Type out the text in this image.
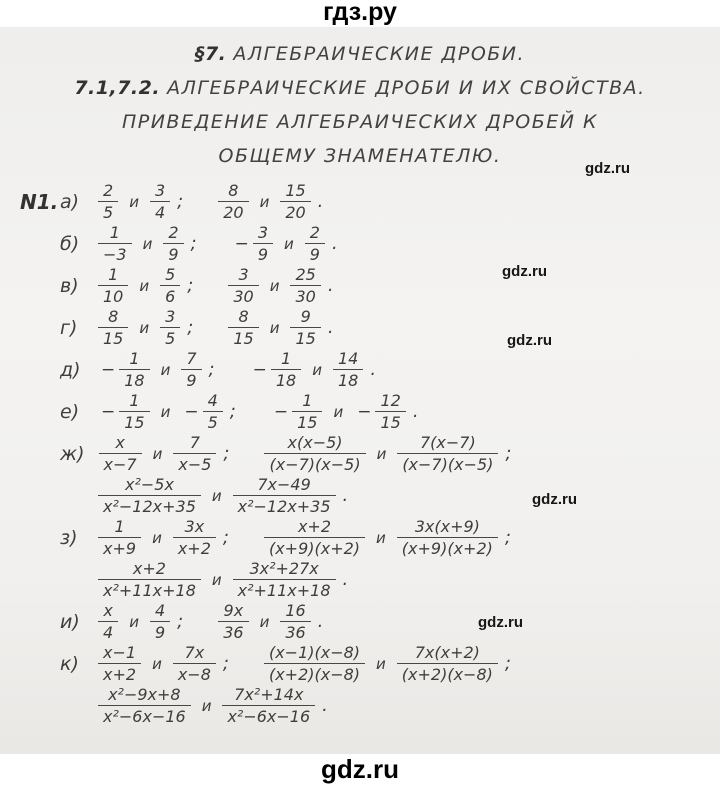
гдз.ру
§7. АЛГЕБРАИЧЕСКИЕ ДРОБИ.
7.1,7.2. АЛГЕБРАИЧЕСКИЕ ДРОБИ И ИХ СВОЙСТВА.
ПРИВЕДЕНИЕ АЛГЕБРАИЧЕСКИХ ДРОБЕЙ К
ОБЩЕМУ ЗНАМЕНАТЕЛЮ.
N1. а)	$\frac{2}{5}$ и $\frac{3}{4}$ ; $\frac{8}{20}$ и $\frac{15}{20}$ .
б)	$\frac{1}{-3}$ и $\frac{2}{9}$ ; − $\frac{3}{9}$ и $\frac{2}{9}$ .
в)	$\frac{1}{10}$ и $\frac{5}{6}$ ; $\frac{3}{30}$ и $\frac{25}{30}$ .
г)	$\frac{8}{15}$ и $\frac{3}{5}$ ; $\frac{8}{15}$ и $\frac{9}{15}$ .
$д) - \frac{1}{18}$ и $\frac{7}{9}$ ; − $\frac{1}{18}$ и $\frac{14}{18}$ .
$е) - \frac{1}{15}$ $и - \frac{4}{5}$ ; − $\frac{1}{15}$ $и - \frac{12}{15}$ .
$ж) \frac{x}{x-7}$ и $\frac{7}{x-5}$ ; $\frac{x(x-5)}{(x-7)(x-5)}$ и $\frac{7(x-7)}{(x-7)(x-5)}$ ;
$\frac{\text{x²−5x}}{\text{x²−12x+35}}$ и $\frac{7x-49}{\text{x²−12x+35}}$ .
з)	$\frac{1}{x+9}$ и $\frac{3x}{x+2}$ ; $\frac{x+2}{(x+9)(x+2)}$ и $\frac{3x(x+9)}{(x+9)(x+2)}$ ;
$\frac{x+2}{\text{x²+11x+18}}$ и $\frac{\text{3x²+27x}}{\text{x²+11x+18}}$ .
$и) \frac{x}{4}$ и $\frac{4}{9}$ ; $\frac{9x}{36}$ и $\frac{16}{36}$ .
к)	$\frac{x-1}{x+2}$ и $\frac{7x}{x-8}$ ; $\frac{(x-1)(x-8)}{(x+2)(x-8)}$ и $\frac{7x(x+2)}{(x+2)(x-8)}$ ;
$\frac{\text{x²−9x+8}}{\text{x²−6x−16}}$ и $\frac{\text{7x²+14x}}{\text{x²−6x−16}}$ .
gdz.ru
gdz.ru
gdz.ru
gdz.ru
gdz.ru
gdz.ru
